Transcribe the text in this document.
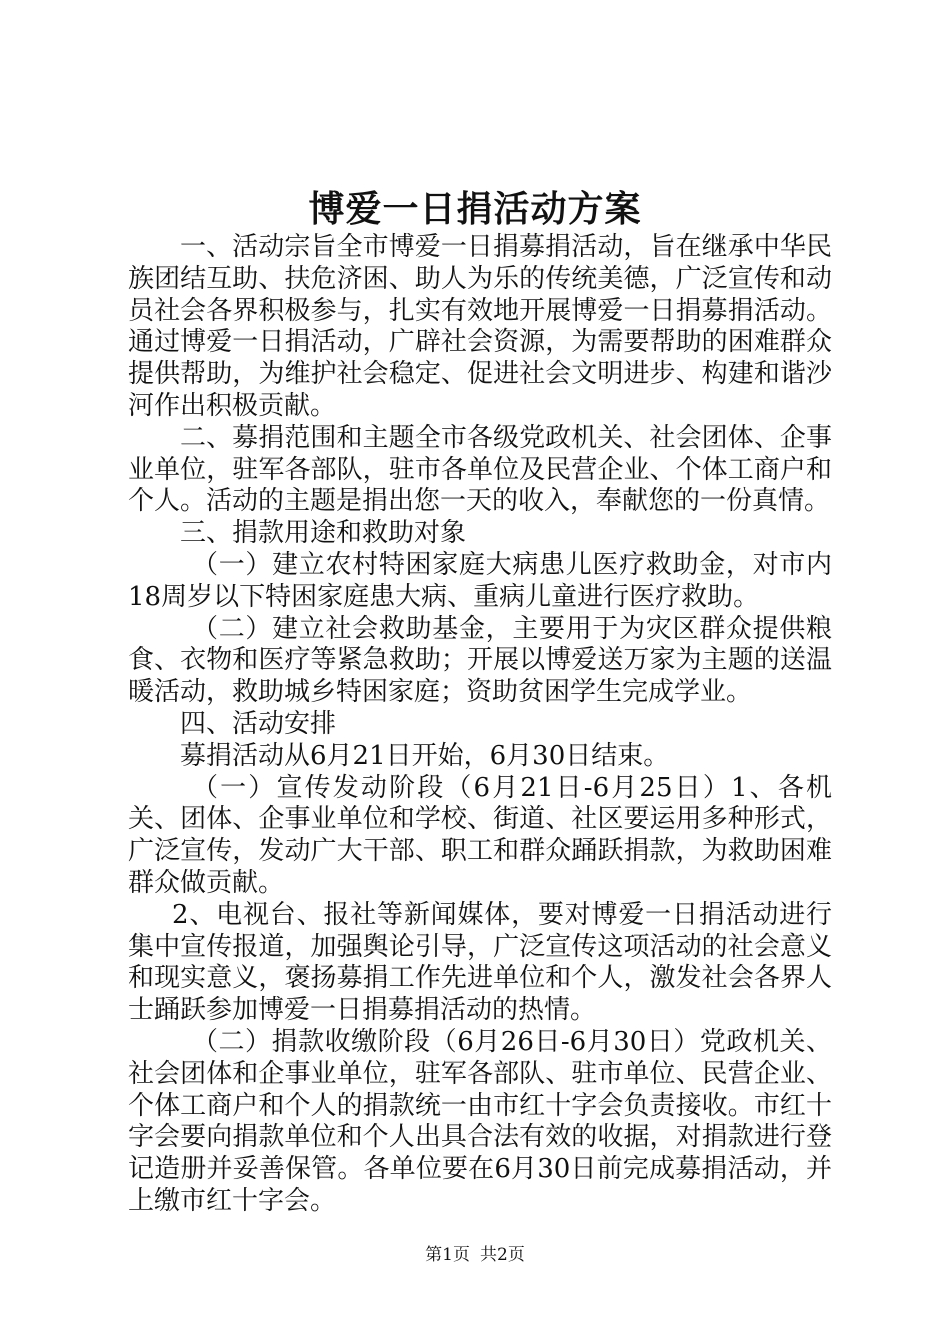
博爱一日捐活动方案

一、活动宗旨全市博爱一日捐募捐活动，旨在继承中华民族团结互助、扶危济困、助人为乐的传统美德，广泛宣传和动员社会各界积极参与，扎实有效地开展博爱一日捐募捐活动。通过博爱一日捐活动，广辟社会资源，为需要帮助的困难群众提供帮助，为维护社会稳定、促进社会文明进步、构建和谐沙河作出积极贡献。

二、募捐范围和主题全市各级党政机关、社会团体、企事业单位，驻军各部队，驻市各单位及民营企业、个体工商户和个人。活动的主题是捐出您一天的收入，奉献您的一份真情。

三、捐款用途和救助对象

（一）建立农村特困家庭大病患儿医疗救助金，对市内18周岁以下特困家庭患大病、重病儿童进行医疗救助。

（二）建立社会救助基金，主要用于为灾区群众提供粮食、衣物和医疗等紧急救助；开展以博爱送万家为主题的送温暖活动，救助城乡特困家庭；资助贫困学生完成学业。

四、活动安排

募捐活动从6月21日开始，6月30日结束。

（一）宣传发动阶段（6月21日-6月25日）1、各机关、团体、企事业单位和学校、街道、社区要运用多种形式，广泛宣传，发动广大干部、职工和群众踊跃捐款，为救助困难群众做贡献。

2、电视台、报社等新闻媒体，要对博爱一日捐活动进行集中宣传报道，加强舆论引导，广泛宣传这项活动的社会意义和现实意义，褒扬募捐工作先进单位和个人，激发社会各界人士踊跃参加博爱一日捐募捐活动的热情。

（二）捐款收缴阶段（6月26日-6月30日）党政机关、社会团体和企事业单位，驻军各部队、驻市单位、民营企业、个体工商户和个人的捐款统一由市红十字会负责接收。市红十字会要向捐款单位和个人出具合法有效的收据，对捐款进行登记造册并妥善保管。各单位要在6月30日前完成募捐活动，并上缴市红十字会。

第1页 共2页
